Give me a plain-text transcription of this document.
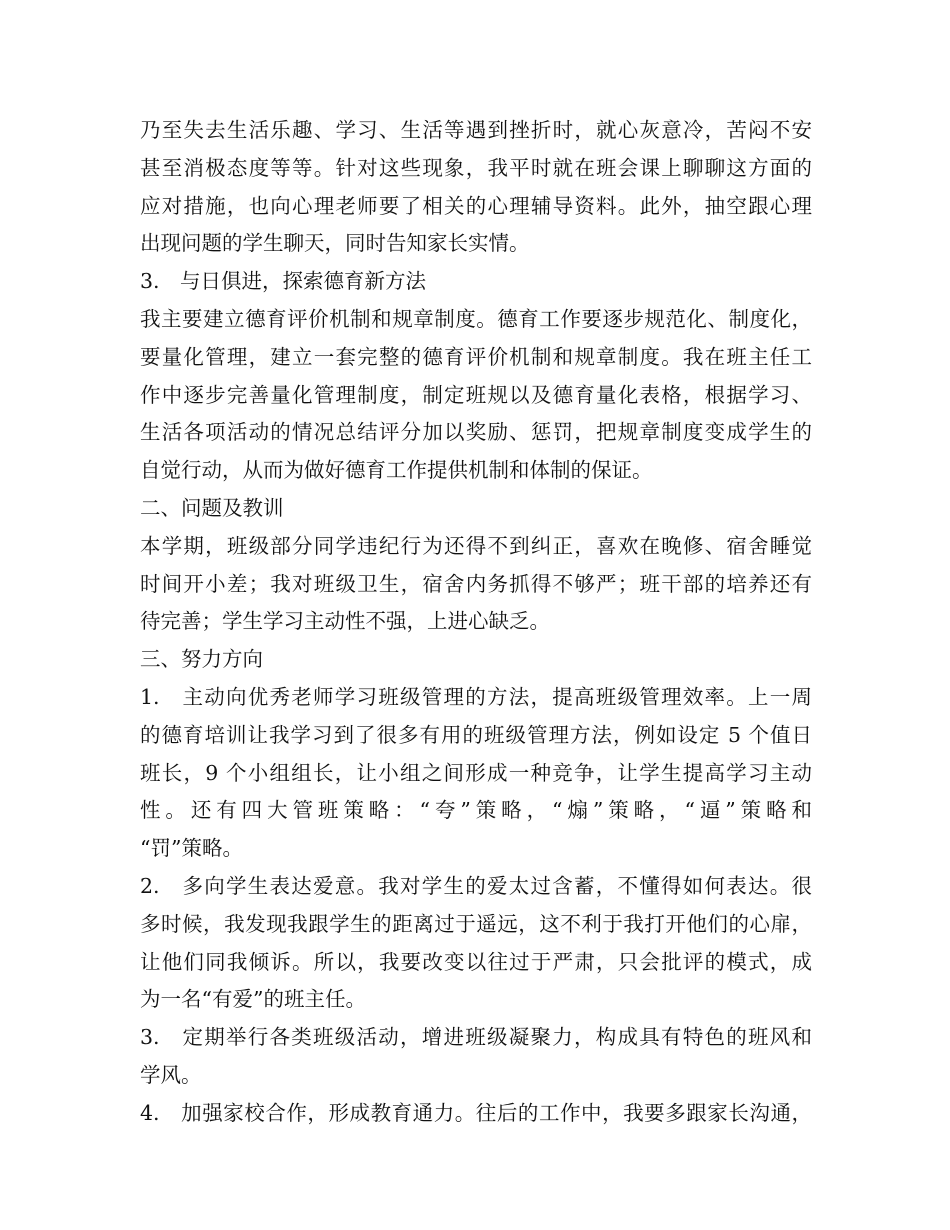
乃至失去生活乐趣、学习、生活等遇到挫折时，就心灰意冷，苦闷不安
甚至消极态度等等。针对这些现象，我平时就在班会课上聊聊这方面的
应对措施，也向心理老师要了相关的心理辅导资料。此外，抽空跟心理
出现问题的学生聊天，同时告知家长实情。
3.　与日俱进，探索德育新方法
我主要建立德育评价机制和规章制度。德育工作要逐步规范化、制度化，
要量化管理，建立一套完整的德育评价机制和规章制度。我在班主任工
作中逐步完善量化管理制度，制定班规以及德育量化表格，根据学习、
生活各项活动的情况总结评分加以奖励、惩罚，把规章制度变成学生的
自觉行动，从而为做好德育工作提供机制和体制的保证。
二、问题及教训
本学期，班级部分同学违纪行为还得不到纠正，喜欢在晚修、宿舍睡觉
时间开小差；我对班级卫生，宿舍内务抓得不够严；班干部的培养还有
待完善；学生学习主动性不强，上进心缺乏。
三、努力方向
1.　主动向优秀老师学习班级管理的方法，提高班级管理效率。上一周
的德育培训让我学习到了很多有用的班级管理方法，例如设定 5 个值日
班长，9 个小组组长，让小组之间形成一种竞争，让学生提高学习主动
性。还有四大管班策略：“夸”策略，“煽”策略，“逼”策略和
“罚”策略。
2.　多向学生表达爱意。我对学生的爱太过含蓄，不懂得如何表达。很
多时候，我发现我跟学生的距离过于遥远，这不利于我打开他们的心扉，
让他们同我倾诉。所以，我要改变以往过于严肃，只会批评的模式，成
为一名“有爱”的班主任。
3.　定期举行各类班级活动，增进班级凝聚力，构成具有特色的班风和
学风。
4.　加强家校合作，形成教育通力。往后的工作中，我要多跟家长沟通，
